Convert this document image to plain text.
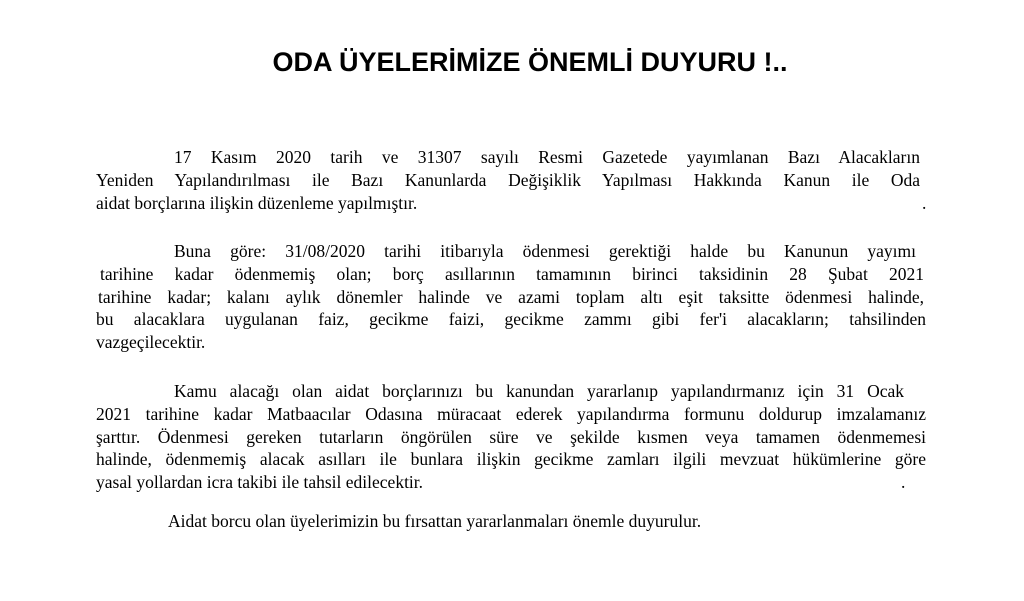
ODA ÜYELERİMİZE ÖNEMLİ DUYURU !..
17 Kasım 2020 tarih ve 31307 sayılı Resmi Gazetede yayımlanan Bazı Alacakların
Yeniden Yapılandırılması ile Bazı Kanunlarda Değişiklik Yapılması Hakkında Kanun ile Oda
aidat borçlarına ilişkin düzenleme yapılmıştır.	.
Buna göre: 31/08/2020 tarihi itibarıyla ödenmesi gerektiği halde bu Kanunun yayımı
tarihine kadar ödenmemiş olan; borç asıllarının tamamının birinci taksidinin 28 Şubat 2021
tarihine kadar; kalanı aylık dönemler halinde ve azami toplam altı eşit taksitte ödenmesi halinde,
bu alacaklara uygulanan faiz, gecikme faizi, gecikme zammı gibi fer'i alacakların; tahsilinden
vazgeçilecektir.
Kamu alacağı olan aidat borçlarınızı bu kanundan yararlanıp yapılandırmanız için 31 Ocak
2021 tarihine kadar Matbaacılar Odasına müracaat ederek yapılandırma formunu doldurup imzalamanız
şarttır. Ödenmesi gereken tutarların öngörülen süre ve şekilde kısmen veya tamamen ödenmemesi
halinde, ödenmemiş alacak asılları ile bunlara ilişkin gecikme zamları ilgili mevzuat hükümlerine göre
yasal yollardan icra takibi ile tahsil edilecektir.	.
Aidat borcu olan üyelerimizin bu fırsattan yararlanmaları önemle duyurulur.
